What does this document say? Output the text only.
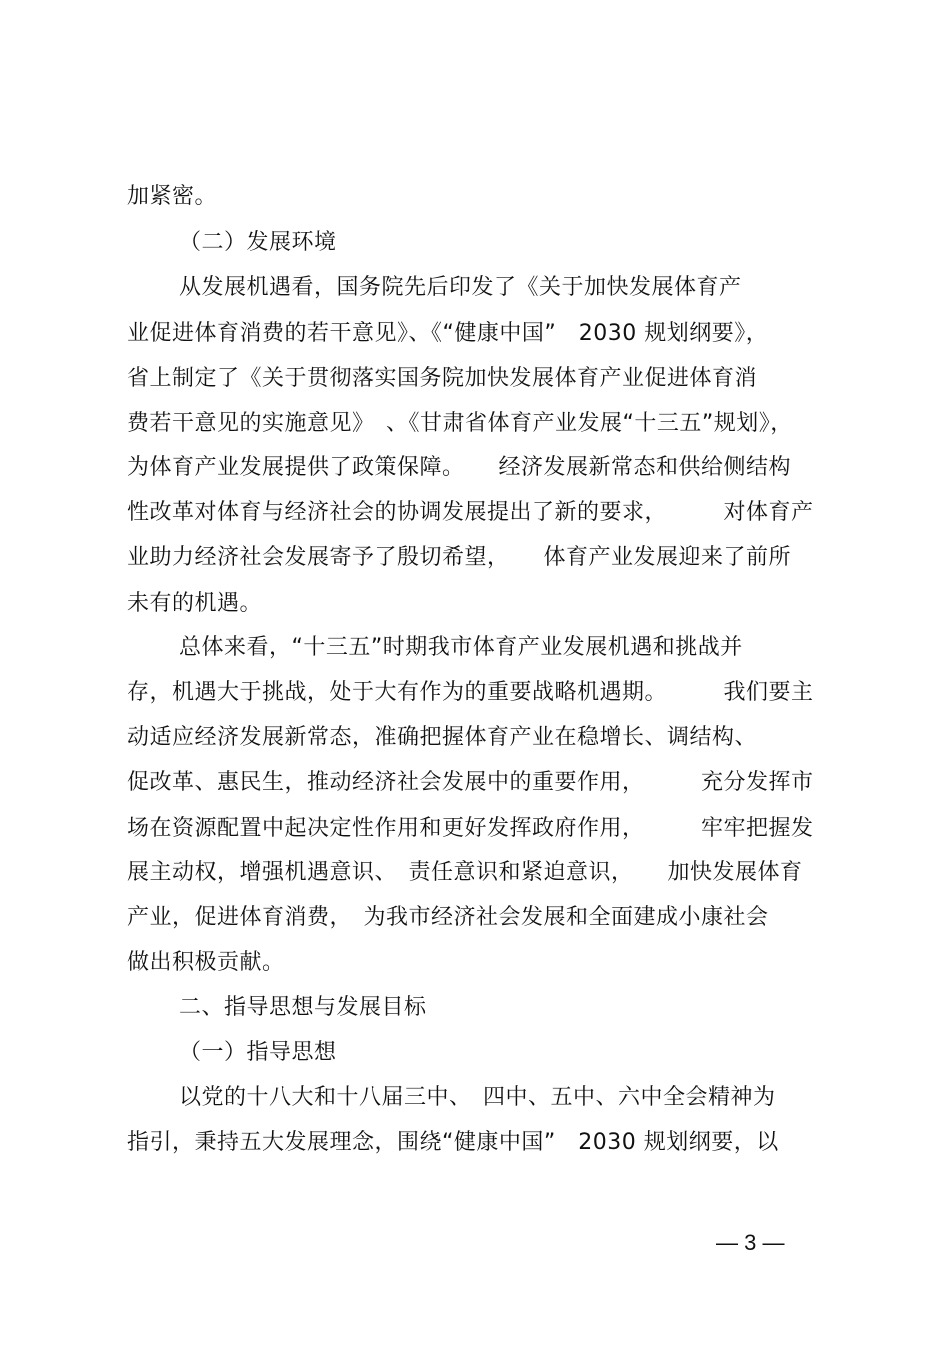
加紧密。
（二）发展环境
从发展机遇看，国务院先后印发了《关于加快发展体育产
业促进体育消费的若干意见》、《“健康中国”　2030 规划纲要》，
省上制定了《关于贯彻落实国务院加快发展体育产业促进体育消
费若干意见的实施意见》　、《甘肃省体育产业发展“十三五”规划》，
为体育产业发展提供了政策保障。　　经济发展新常态和供给侧结构
性改革对体育与经济社会的协调发展提出了新的要求，　　　对体育产
业助力经济社会发展寄予了殷切希望，　　体育产业发展迎来了前所
未有的机遇。
总体来看，“十三五”时期我市体育产业发展机遇和挑战并
存，机遇大于挑战，处于大有作为的重要战略机遇期。　　　我们要主
动适应经济发展新常态，准确把握体育产业在稳增长、调结构、
促改革、惠民生，推动经济社会发展中的重要作用，　　　充分发挥市
场在资源配置中起决定性作用和更好发挥政府作用，　　　牢牢把握发
展主动权，增强机遇意识、　责任意识和紧迫意识，　　加快发展体育
产业，促进体育消费，　为我市经济社会发展和全面建成小康社会
做出积极贡献。
二、指导思想与发展目标
（一）指导思想
以党的十八大和十八届三中、　四中、五中、六中全会精神为
指引，秉持五大发展理念，围绕“健康中国”　2030 规划纲要，以
— 3 —
